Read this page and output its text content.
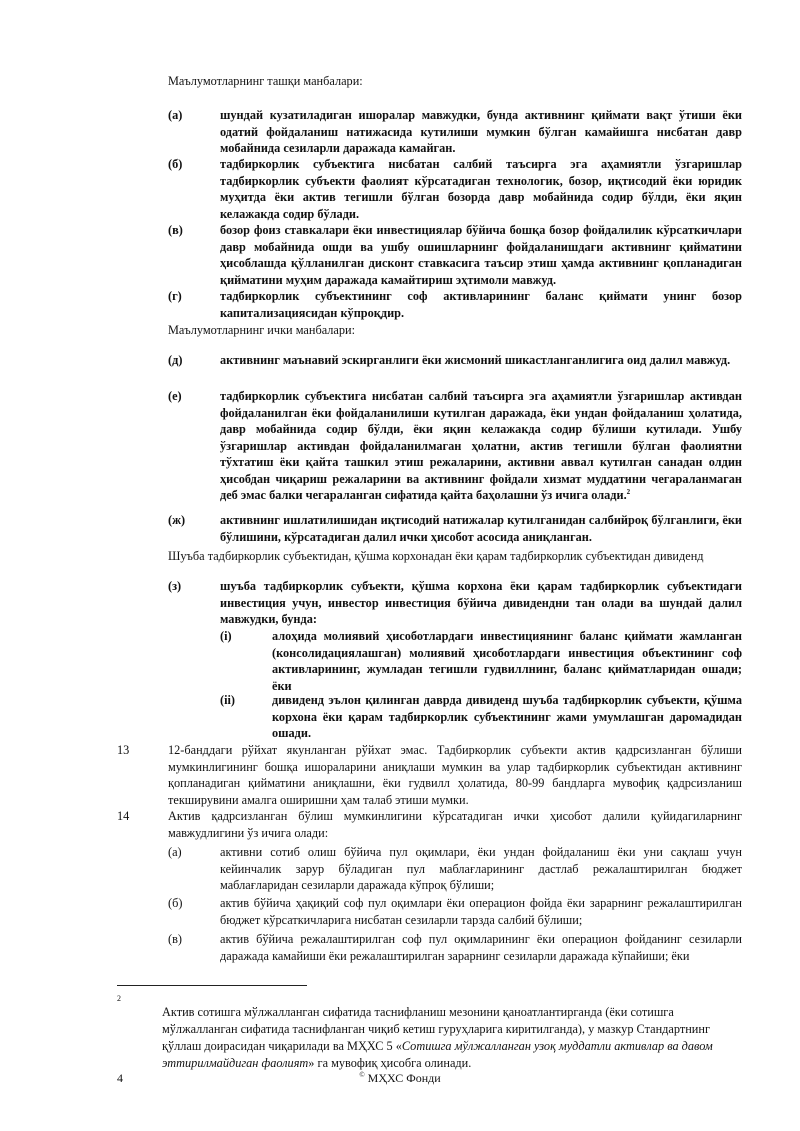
Маълумотларнинг ташқи манбалари:

(a)	шундай кузатиладиган ишоралар мавжудки, бунда активнинг қиймати вақт ўтиши ёки одатий фойдаланиш натижасида кутилиши мумкин бўлган камайишга нисбатан давр мобайнида сезиларли даражада камайган.

(б)	тадбиркорлик субъектига нисбатан салбий таъсирга эга аҳамиятли ўзгаришлар тадбиркорлик субъекти фаолият кўрсатадиган технологик, бозор, иқтисодий ёки юридик муҳитда ёки актив тегишли бўлган бозорда давр мобайнида содир бўлди, ёки яқин келажакда содир бўлади.

(в)	бозор фоиз ставкалари ёки инвестициялар бўйича бошқа бозор фойдалилик кўрсаткичлари давр мобайнида ошди ва ушбу ошишларнинг фойдаланишдаги активнинг қийматини ҳисоблашда қўлланилган дисконт ставкасига таъсир этиш ҳамда активнинг қопланадиган қийматини муҳим даражада камайтириш эҳтимоли мавжуд.

(г)	тадбиркорлик субъектининг соф активларининг баланс қиймати унинг бозор капитализациясидан кўпроқдир.

Маълумотларнинг ички манбалари:

(д)	активнинг маънавий эскирганлиги ёки жисмоний шикастланганлигига оид далил мавжуд.

(е)	тадбиркорлик субъектига нисбатан салбий таъсирга эга аҳамиятли ўзгаришлар активдан фойдаланилган ёки фойдаланилиши кутилган даражада, ёки ундан фойдаланиш ҳолатида, давр мобайнида содир бўлди, ёки яқин келажакда содир бўлиши кутилади. Ушбу ўзгаришлар активдан фойдаланилмаган ҳолатни, актив тегишли бўлган фаолиятни тўхтатиш ёки қайта ташкил этиш режаларини, активни аввал кутилган санадан олдин ҳисобдан чиқариш режаларини ва активнинг фойдали хизмат муддатини чегараланмаган деб эмас балки чегараланган сифатида қайта баҳолашни ўз ичига олади.$^2$

(ж)	активнинг ишлатилишидан иқтисодий натижалар кутилганидан салбийроқ бўлганлиги, ёки бўлишини, кўрсатадиган далил ички ҳисобот асосида аниқланган.

Шуъба тадбиркорлик субъектидан, қўшма корхонадан ёки қарам тадбиркорлик субъектидан дивиденд

(з)	шуъба тадбиркорлик субъекти, қўшма корхона ёки қарам тадбиркорлик субъектидаги инвестиция учун, инвестор инвестиция бўйича дивидендни тан олади ва шундай далил мавжудки, бунда:

(i)	алоҳида молиявий ҳисоботлардаги инвестициянинг баланс қиймати жамланган (консолидациялашган) молиявий ҳисоботлардаги инвестиция объектининг соф активларининг, жумладан тегишли гудвиллнинг, баланс қийматларидан ошади; ёки

(ii)	дивиденд эълон қилинган даврда дивиденд шуъба тадбиркорлик субъекти, қўшма корхона ёки қарам тадбиркорлик субъектининг жами умумлашган даромадидан ошади.

13	12-банддаги рўйхат якунланган рўйхат эмас. Тадбиркорлик субъекти актив қадрсизланган бўлиши мумкинлигининг бошқа ишораларини аниқлаши мумкин ва улар тадбиркорлик субъектидан активнинг қопланадиган қийматини аниқлашни, ёки гудвилл ҳолатида, 80-99 бандларга мувофиқ қадрсизланиш текширувини амалга оширишни ҳам талаб этиши мумки.

14	Актив қадрсизланган бўлиш мумкинлигини кўрсатадиган ички ҳисобот далили қуйидагиларнинг мавжудлигини ўз ичига олади:

(a)	активни сотиб олиш бўйича пул оқимлари, ёки ундан фойдаланиш ёки уни сақлаш учун кейинчалик зарур бўладиган пул маблағларининг дастлаб режалаштирилган бюджет маблағларидан сезиларли даражада кўпроқ бўлиши;

(б)	актив бўйича ҳақиқий соф пул оқимлари ёки операцион фойда ёки зарарнинг режалаштирилган бюджет кўрсаткичларига нисбатан сезиларли тарзда салбий бўлиши;

(в)	актив бўйича режалаштирилган соф пул оқимларининг ёки операцион фойданинг сезиларли даражада камайиши ёки режалаштирилган зарарнинг сезиларли даражада кўпайиши; ёки

2

Актив сотишга мўлжалланган сифатида таснифланиш мезонини қаноатлантирганда (ёки сотишга мўлжалланган сифатида таснифланган чиқиб кетиш гуруҳларига киритилганда), у мазкур Стандартнинг қўллаш доирасидан чиқарилади ва МҲХС 5 «Сотишга мўлжалланган узоқ муддатли активлар ва давом эттирилмайдиган фаолият» га мувофиқ ҳисобга олинади.

4	© МҲХС Фонди
